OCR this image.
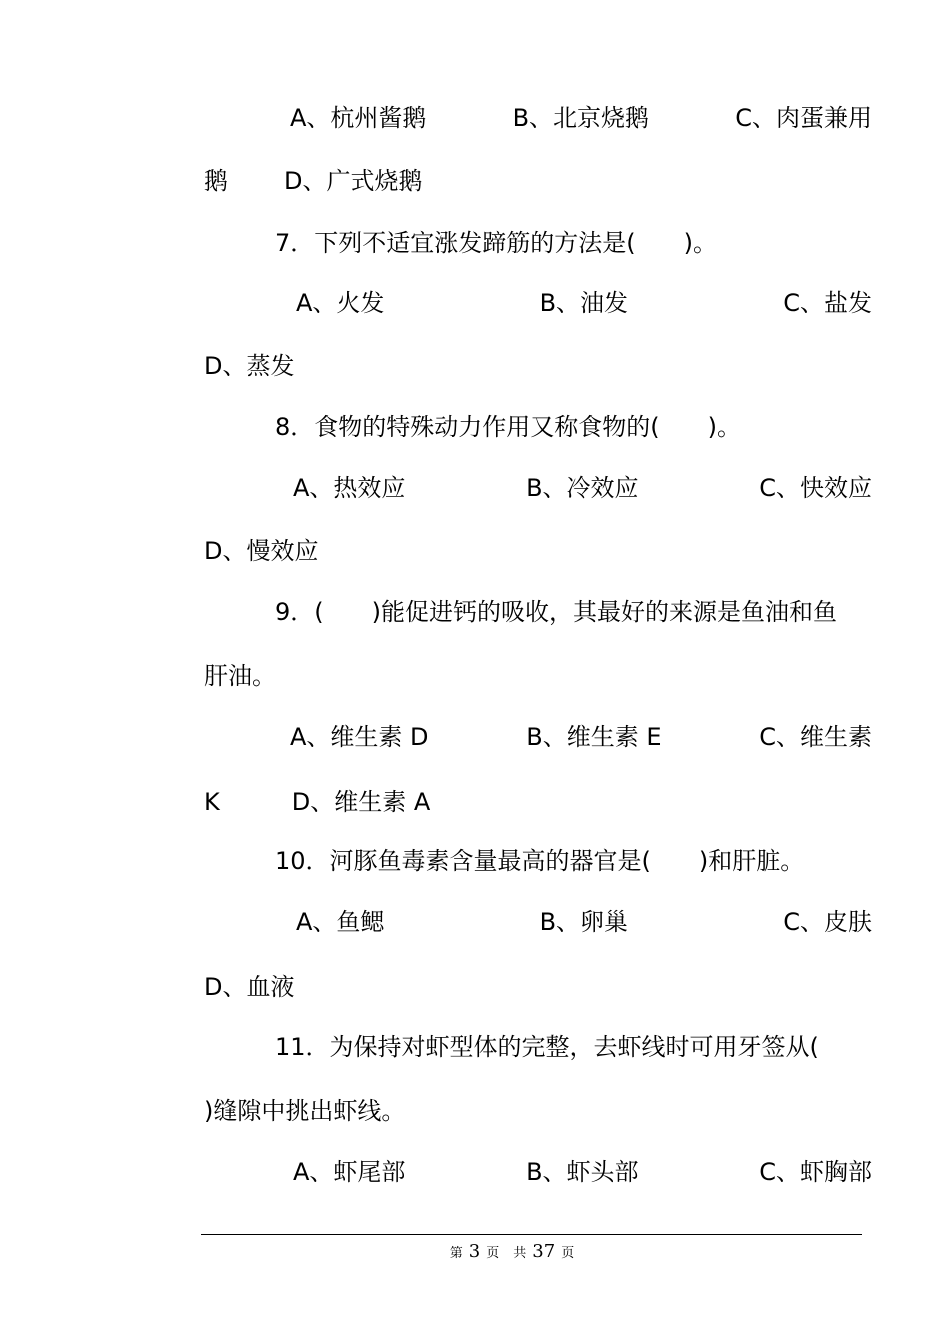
A、杭州酱鹅	B、北京烧鹅	C、肉蛋兼用
鹅 D、广式烧鹅
7．下列不适宜涨发蹄筋的方法是(　　)。
A、火发	B、油发	C、盐发
D、蒸发
8．食物的特殊动力作用又称食物的(　　)。
A、热效应	B、冷效应	C、快效应
D、慢效应
9．(　　)能促进钙的吸收，其最好的来源是鱼油和鱼
肝油。
A、维生素 D	B、维生素 E	C、维生素
K	D、维生素 A
10．河豚鱼毒素含量最高的器官是(　　)和肝脏。
A、鱼鳃	B、卵巢	C、皮肤
D、血液
11．为保持对虾型体的完整，去虾线时可用牙签从(
)缝隙中挑出虾线。
A、虾尾部	B、虾头部	C、虾胸部
第 3 页 共 37 页
